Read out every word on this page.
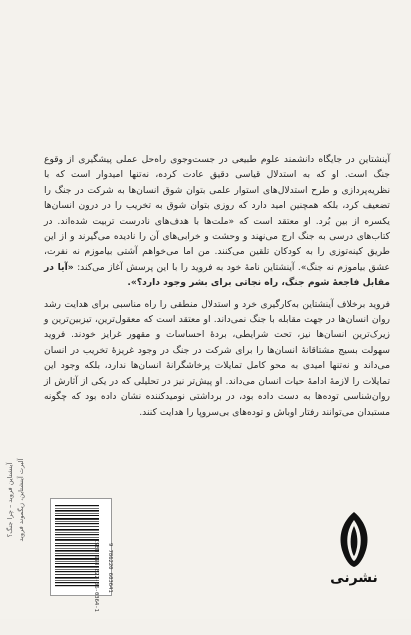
آینشتاین در جایگاه دانشمند علوم طبیعی در جست‌وجوی راه‌حل عملی پیشگیری از وقوع جنگ است. او که به استدلال قیاسی دقیق عادت کرده، نه‌تنها امیدوار است که با نظریه‌پردازی و طرح استدلال‌های استوار علمی بتوان شوق انسان‌ها به شرکت در جنگ را تضعیف کرد، بلکه همچنین امید دارد که روزی بتوان شوق به تخریب را در درون انسان‌ها یکسره از بین بُرد. او معتقد است که «ملت‌ها با هدف‌های نادرست تربیت شده‌اند. در کتاب‌های درسی به جنگ ارج می‌نهند و وحشت و خرابی‌های آن را نادیده می‌گیرند و از این طریق کینه‌توزی را به کودکان تلقین می‌کنند. من اما می‌خواهم آشتی بیاموزم نه نفرت، عشق بیاموزم نه جنگ». آینشتاین نامهٔ خود به فروید را با این پرسش آغاز می‌کند: «آیا در مقابل فاجعهٔ شوم جنگ، راه نجاتی برای بشر وجود دارد؟».

فروید برخلاف آینشتاین به‌کارگیری خرد و استدلال منطقی را راه مناسبی برای هدایت رشد روان انسان‌ها در جهت مقابله با جنگ نمی‌داند. او معتقد است که معقول‌ترین، تیزبین‌ترین و زیرک‌ترین انسان‌ها نیز، تحت شرایطی، بردهٔ احساسات و مقهور غرایز خودند. فروید سهولت بسیج مشتاقانهٔ انسان‌ها را برای شرکت در جنگ در وجود غریزهٔ تخریب در انسان می‌داند و نه‌تنها امیدی به محو کامل تمایلات پرخاشگرانهٔ انسان‌ها ندارد، بلکه وجود این تمایلات را لازمهٔ ادامهٔ حیات انسان می‌داند. او پیش‌تر نیز در تحلیلی که در یکی از آثارش از روان‌شناسی توده‌ها به دست داده بود، در برداشتی نومیدکننده نشان داده بود که چگونه مستبدان می‌توانند رفتار اوباش و توده‌های بی‌سروپا را هدایت کنند.

آینشتاین فروید – چرا جنگ؟ آلبرت آینشتاین، زیگموند فروید
ISBN 978-622-06-0364-1	9 786220 603641	نشرنی
